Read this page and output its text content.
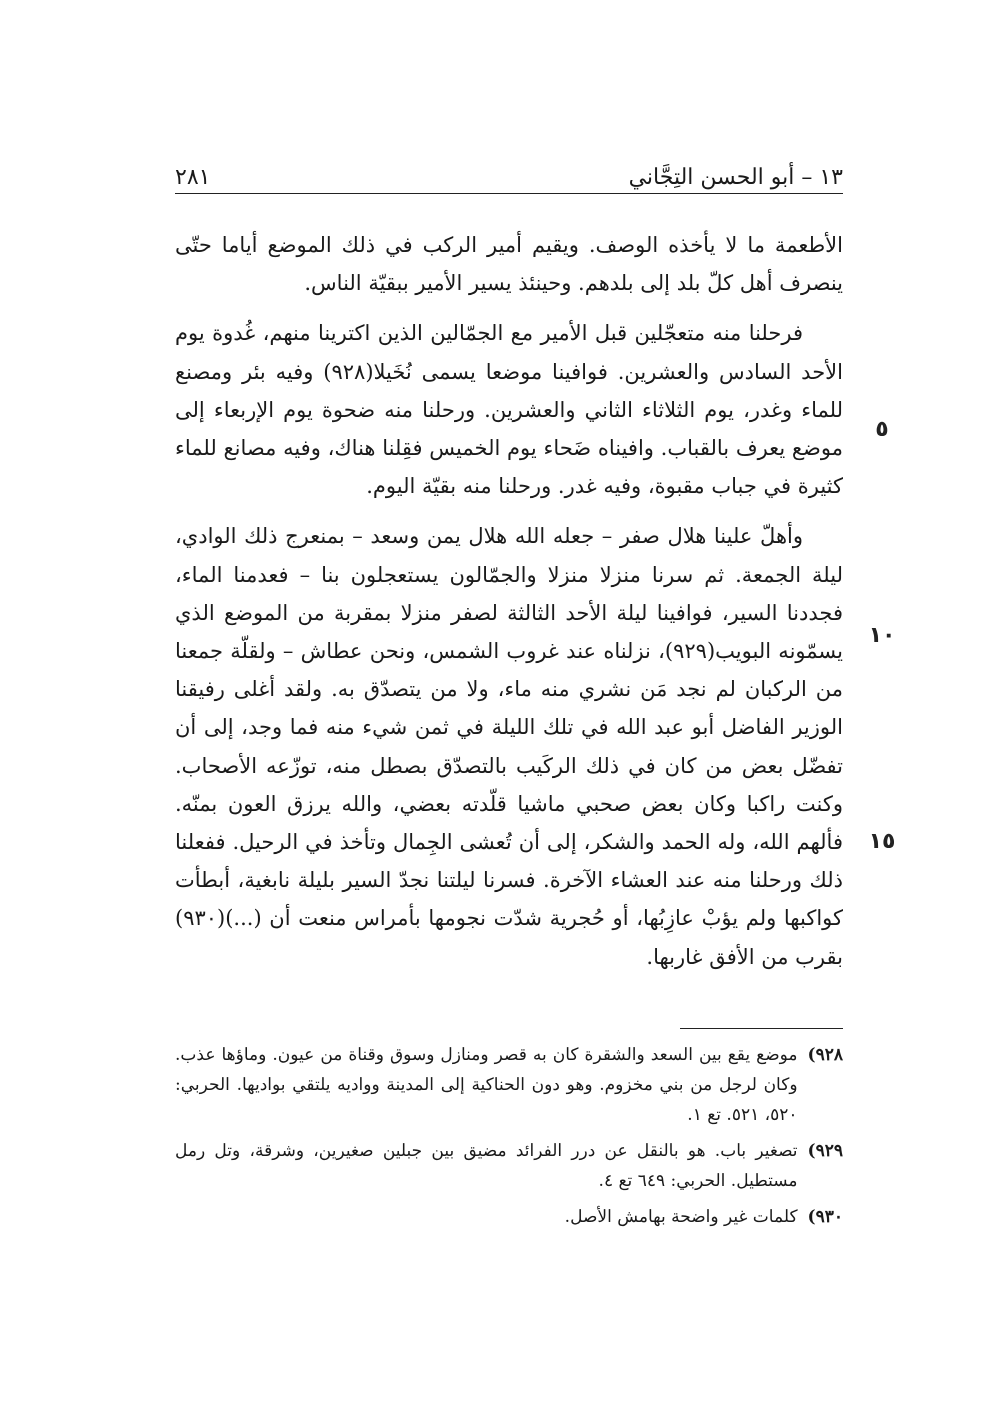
١٣ – أبو الحسن التِجَّاني
٢٨١

الأطعمة ما لا يأخذه الوصف. ويقيم أمير الركب في ذلك الموضع أياما حتّى ينصرف أهل كلّ بلد إلى بلدهم. وحينئذ يسير الأمير ببقيّة الناس.

فرحلنا منه متعجّلين قبل الأمير مع الجمّالين الذين اكترينا منهم، غُدوة يوم الأحد السادس والعشرين. فوافينا موضعا يسمى نُخَيلا(٩٢٨) وفيه بئر ومصنع للماء وغدر، يوم الثلاثاء الثاني والعشرين. ورحلنا منه ضحوة يوم الإربعاء إلى موضع يعرف بالقباب. وافيناه ضَحاء يوم الخميس فقِلنا هناك، وفيه مصانع للماء كثيرة في جباب مقبوة، وفيه غدر. ورحلنا منه بقيّة اليوم.

وأهلّ علينا هلال صفر – جعله الله هلال يمن وسعد – بمنعرج ذلك الوادي، ليلة الجمعة. ثم سرنا منزلا منزلا والجمّالون يستعجلون بنا – فعدمنا الماء، فجددنا السير، فوافينا ليلة الأحد الثالثة لصفر منزلا بمقربة من الموضع الذي يسمّونه البويب(٩٢٩)، نزلناه عند غروب الشمس، ونحن عطاش – ولقلّة جمعنا من الركبان لم نجد مَن نشري منه ماء، ولا من يتصدّق به. ولقد أغلى رفيقنا الوزير الفاضل أبو عبد الله في تلك الليلة في ثمن شيء منه فما وجد، إلى أن تفضّل بعض من كان في ذلك الركَيب بالتصدّق بصطل منه، توزّعه الأصحاب. وكنت راكبا وكان بعض صحبي ماشيا قلّدته بعضي، والله يرزق العون بمنّه. فألهم الله، وله الحمد والشكر، إلى أن تُعشى الجِمال وتأخذ في الرحيل. ففعلنا ذلك ورحلنا منه عند العشاء الآخرة. فسرنا ليلتنا نجدّ السير بليلة نابغية، أبطأت كواكبها ولم يؤبْ عازِبُها، أو حُجرية شدّت نجومها بأمراس منعت أن (...)(٩٣٠) بقرب من الأفق غاربها.

٥
١٠
١٥
٩٢٨)
موضع يقع بين السعد والشقرة كان به قصر ومنازل وسوق وقناة من عيون. وماؤها عذب. وكان لرجل من بني مخزوم. وهو دون الحناكية إلى المدينة وواديه يلتقي بواديها. الحربي: ٥٢٠، ٥٢١. تع ١.
٩٢٩)
تصغير باب. هو بالنقل عن درر الفرائد مضيق بين جبلين صغيرين، وشرقة، وتل رمل مستطيل. الحربي: ٦٤٩ تع ٤.
٩٣٠)
كلمات غير واضحة بهامش الأصل.
